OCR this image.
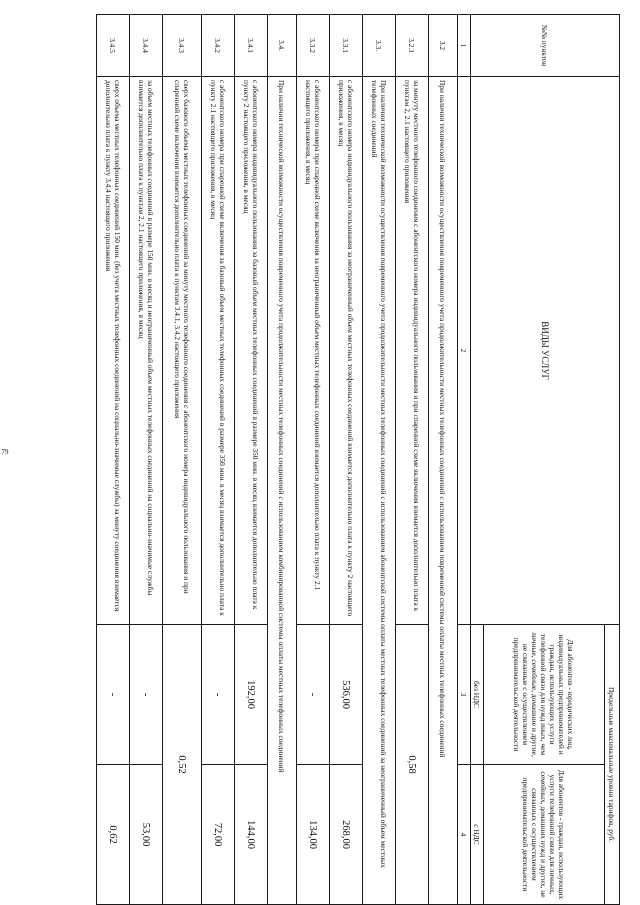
79
№№ пунктов	ВИДЫ УСЛУГ	Предельные максимальные уровни тарифов, руб.	
		Для абонентов - юридических лиц, индивидуальных предпринимателей и граждан, использующих услуги телефонной связи для нужд иных, чем личные, семейные, домашние и другие, не связанные с осуществлением предпринимательской деятельности	Для абонентов - граждан, использующих услуги телефонной связи для личных, семейных, домашних нужд и других, не связанных с осуществлением предпринимательской деятельности
		без НДС	с НДС
1	2	3	4
3.2	При наличии технической возможности осуществления повременного учета продолжительности местных телефонных соединений с использованием повременной системы оплаты местных телефонных соединений		
3.2.1	за минуту местного телефонного соединения с абонентского номера индивидуального пользования и при спаренной схеме включения взимается дополнительно плата к пунктам 2, 2.1 настоящего приложения	0,58	
3.3.	При наличии технической возможности осуществления повременного учета продолжительности местных телефонных соединений с использованием абонентской системы оплаты местных телефонных соединений за неограниченный объем местных телефонных соединений		
3.3.1	с абонентского номера индивидуального пользования за неограниченный объем местных телефонных соединений взимается дополнительно плата к пункту 2 настоящего приложения, в месяц	536,00	268,00
3.3.2	с абонентского номера при спаренной схеме включения за неограниченный объем местных телефонных соединений взимается дополнительно плата к пункту 2.1 настоящего приложения, в месяц	-	134,00
3.4.	При наличии технической возможности осуществления повременного учета продолжительности местных телефонных соединений с использованием комбинированной системы оплаты местных телефонных соединений		
3.4.1	с абонентского номера индивидуального пользования за базовый объем местных телефонных соединений в размере 350 мин. в месяц взимается дополнительно плата к пункту 2 настоящего приложения, в месяц	192,00	144,00
3.4.2	с абонентского номера при спаренной схеме включения за базовый объем местных телефонных соединений в размере 350 мин. в месяц взимается дополнительно плата к пункту 2.1 настоящего приложения, в месяц	-	72,00
3.4.3	сверх базового объема местных телефонных соединений за минуту местного телефонного соединения с абонентского номера индивидуального пользования и при спаренной схеме включения взимается дополнительно плата к пунктам 3.4.1, 3.4.2 настоящего приложения	0,52	
3.4.4	за объем местных телефонных соединений в размере 150 мин. в месяц и неограниченный объем местных телефонных соединений на социально-значимые службы взимается дополнительно плата к пунктам 2, 2.1 настоящего приложения, в месяц	-	53,00
3.4.5	сверх объема местных телефонных соединений 150 мин. (без учета местных телефонных соединений на социально-значимые службы) за минуту соединения взимается дополнительно плата к пункту 3.4.4 настоящего приложения	-	0,62
